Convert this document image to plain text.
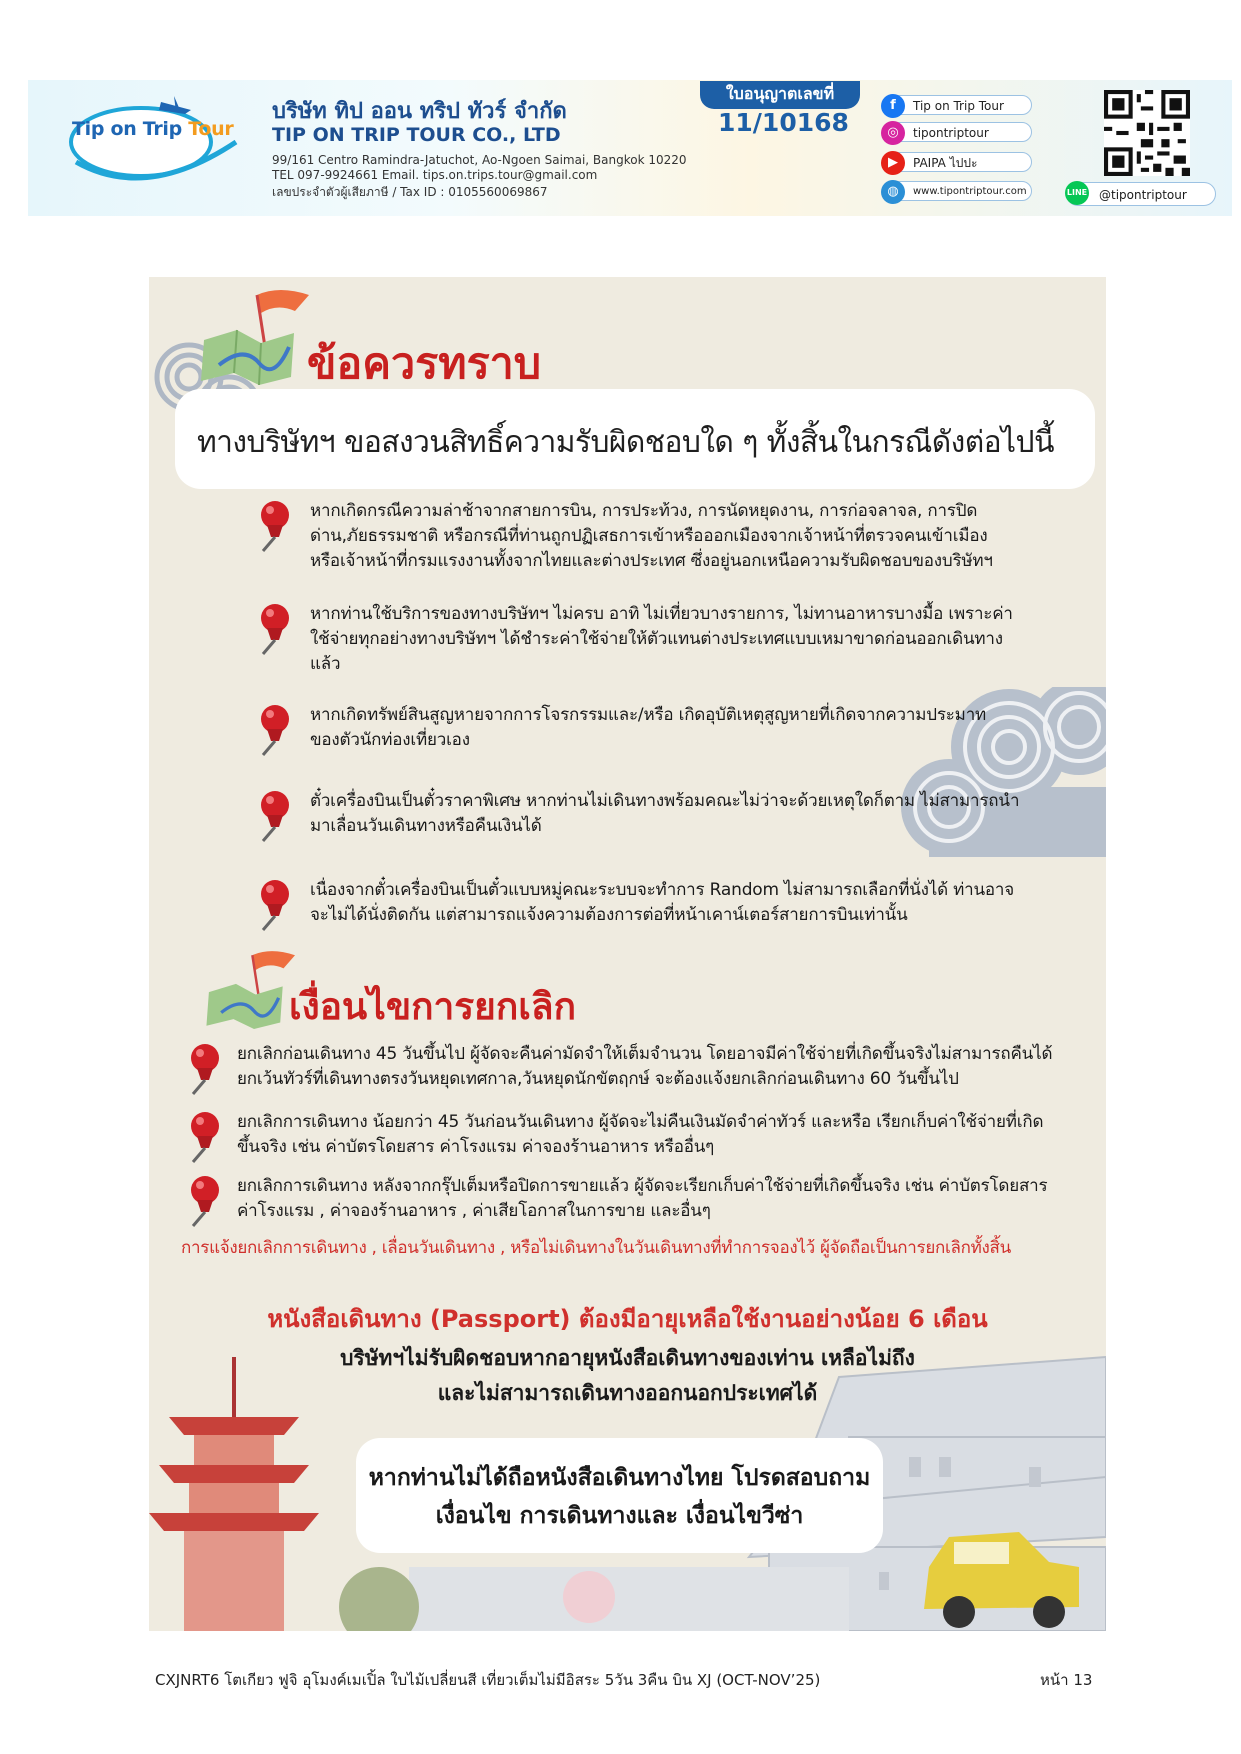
Tip on Trip Tour
บริษัท ทิป ออน ทริป ทัวร์ จำกัด
TIP ON TRIP TOUR CO., LTD
99/161 Centro Ramindra-Jatuchot, Ao-Ngoen Saimai, Bangkok 10220
TEL 097-9924661 Email. tips.on.trips.tour@gmail.com
เลขประจำตัวผู้เสียภาษี / Tax ID : 0105560069867
ใบอนุญาตเลขที่
11/10168
f	Tip on Trip Tour
◎	tipontriptour
▶	PAIPA ไปปะ
◍	www.tipontriptour.com	LINE @tipontriptour
ข้อควรทราบ
ทางบริษัทฯ ขอสงวนสิทธิ์ความรับผิดชอบใด ๆ ทั้งสิ้นในกรณีดังต่อไปนี้

หากเกิดกรณีความล่าช้าจากสายการบิน, การประท้วง, การนัดหยุดงาน, การก่อจลาจล, การปิด

ด่าน,ภัยธรรมชาติ หรือกรณีที่ท่านถูกปฏิเสธการเข้าหรือออกเมืองจากเจ้าหน้าที่ตรวจคนเข้าเมือง

หรือเจ้าหน้าที่กรมแรงงานทั้งจากไทยและต่างประเทศ ซึ่งอยู่นอกเหนือความรับผิดชอบของบริษัทฯ

หากท่านใช้บริการของทางบริษัทฯ ไม่ครบ อาทิ ไม่เที่ยวบางรายการ, ไม่ทานอาหารบางมื้อ เพราะค่า

ใช้จ่ายทุกอย่างทางบริษัทฯ ได้ชำระค่าใช้จ่ายให้ตัวแทนต่างประเทศแบบเหมาขาดก่อนออกเดินทาง

แล้ว

หากเกิดทรัพย์สินสูญหายจากการโจรกรรมและ/หรือ เกิดอุบัติเหตุสูญหายที่เกิดจากความประมาท

ของตัวนักท่องเที่ยวเอง

ตั๋วเครื่องบินเป็นตั๋วราคาพิเศษ หากท่านไม่เดินทางพร้อมคณะไม่ว่าจะด้วยเหตุใดก็ตาม ไม่สามารถนำ

มาเลื่อนวันเดินทางหรือคืนเงินได้

เนื่องจากตั๋วเครื่องบินเป็นตั๋วแบบหมู่คณะระบบจะทำการ Random ไม่สามารถเลือกที่นั่งได้ ท่านอาจ

จะไม่ได้นั่งติดกัน แต่สามารถแจ้งความต้องการต่อที่หน้าเคาน์เตอร์สายการบินเท่านั้น

เงื่อนไขการยกเลิก

ยกเลิกก่อนเดินทาง 45 วันขึ้นไป ผู้จัดจะคืนค่ามัดจำให้เต็มจำนวน โดยอาจมีค่าใช้จ่ายที่เกิดขึ้นจริงไม่สามารถคืนได้

ยกเว้นทัวร์ที่เดินทางตรงวันหยุดเทศกาล,วันหยุดนักขัตฤกษ์ จะต้องแจ้งยกเลิกก่อนเดินทาง 60 วันขึ้นไป

ยกเลิกการเดินทาง น้อยกว่า 45 วันก่อนวันเดินทาง ผู้จัดจะไม่คืนเงินมัดจำค่าทัวร์ และหรือ เรียกเก็บค่าใช้จ่ายที่เกิด

ขึ้นจริง เช่น ค่าบัตรโดยสาร ค่าโรงแรม ค่าจองร้านอาหาร หรืออื่นๆ

ยกเลิกการเดินทาง หลังจากกรุ๊ปเต็มหรือปิดการขายแล้ว ผู้จัดจะเรียกเก็บค่าใช้จ่ายที่เกิดขึ้นจริง เช่น ค่าบัตรโดยสาร

ค่าโรงแรม , ค่าจองร้านอาหาร , ค่าเสียโอกาสในการขาย และอื่นๆ

การแจ้งยกเลิกการเดินทาง , เลื่อนวันเดินทาง , หรือไม่เดินทางในวันเดินทางที่ทำการจองไว้ ผู้จัดถือเป็นการยกเลิกทั้งสิ้น
หนังสือเดินทาง (Passport) ต้องมีอายุเหลือใช้งานอย่างน้อย 6 เดือน
บริษัทฯไม่รับผิดชอบหากอายุหนังสือเดินทางของเท่าน เหลือไม่ถึง
และไม่สามารถเดินทางออกนอกประเทศได้
หากท่านไม่ได้ถือหนังสือเดินทางไทย โปรดสอบถาม
เงื่อนไข การเดินทางและ เงื่อนไขวีซ่า
CXJNRT6 โตเกียว ฟูจิ อุโมงค์เมเปิ้ล ใบไม้เปลี่ยนสี เที่ยวเต็มไม่มีอิสระ 5วัน 3คืน บิน XJ (OCT-NOV’25)	หน้า 13
